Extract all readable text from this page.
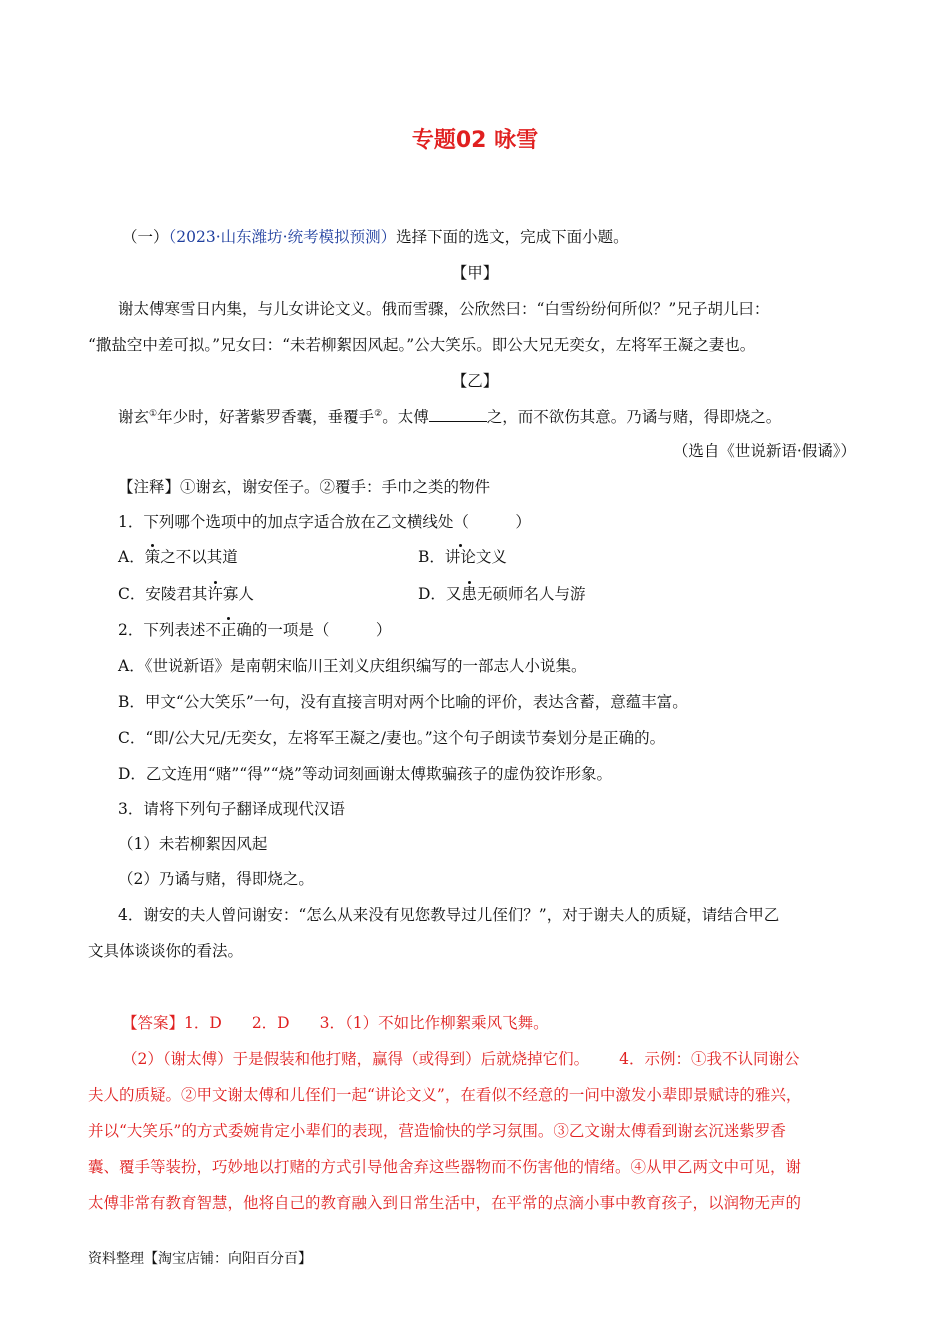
专题02 咏雪
（一）（2023·山东潍坊·统考模拟预测）选择下面的选文，完成下面小题。
【甲】
谢太傅寒雪日内集，与儿女讲论文义。俄而雪骤，公欣然曰：“白雪纷纷何所似？”兄子胡儿曰：
“撒盐空中差可拟。”兄女曰：“未若柳絮因风起。”公大笑乐。即公大兄无奕女，左将军王凝之妻也。
【乙】
谢玄①年少时，好著紫罗香囊，垂覆手②。太傅	之，而不欲伤其意。乃谲与赌，得即烧之。
（选自《世说新语·假谲》）
【注释】①谢玄，谢安侄子。②覆手：手巾之类的物件
1．下列哪个选项中的加点字适合放在乙文横线处（　　　）
A．策之不以其道	B．讲论文义
C．安陵君其许寡人	D．又患无硕师名人与游
2．下列表述不正确的一项是（　　　）
A．《世说新语》是南朝宋临川王刘义庆组织编写的一部志人小说集。
B．甲文“公大笑乐”一句，没有直接言明对两个比喻的评价，表达含蓄，意蕴丰富。
C．“即/公大兄/无奕女，左将军王凝之/妻也。”这个句子朗读节奏划分是正确的。
D．乙文连用“赌”“得”“烧”等动词刻画谢太傅欺骗孩子的虚伪狡诈形象。
3．请将下列句子翻译成现代汉语
（1）未若柳絮因风起
（2）乃谲与赌，得即烧之。
4．谢安的夫人曾问谢安：“怎么从来没有见您教导过儿侄们？”，对于谢夫人的质疑，请结合甲乙
文具体谈谈你的看法。
【答案】1．D 2．D 3．（1）不如比作柳絮乘风飞舞。
（2）（谢太傅）于是假装和他打赌，赢得（或得到）后就烧掉它们。 4．示例：①我不认同谢公
夫人的质疑。②甲文谢太傅和儿侄们一起“讲论文义”，在看似不经意的一问中激发小辈即景赋诗的雅兴，
并以“大笑乐”的方式委婉肯定小辈们的表现，营造愉快的学习氛围。③乙文谢太傅看到谢玄沉迷紫罗香
囊、覆手等装扮，巧妙地以打赌的方式引导他舍弃这些器物而不伤害他的情绪。④从甲乙两文中可见，谢
太傅非常有教育智慧，他将自己的教育融入到日常生活中，在平常的点滴小事中教育孩子，以润物无声的
资料整理【淘宝店铺：向阳百分百】
